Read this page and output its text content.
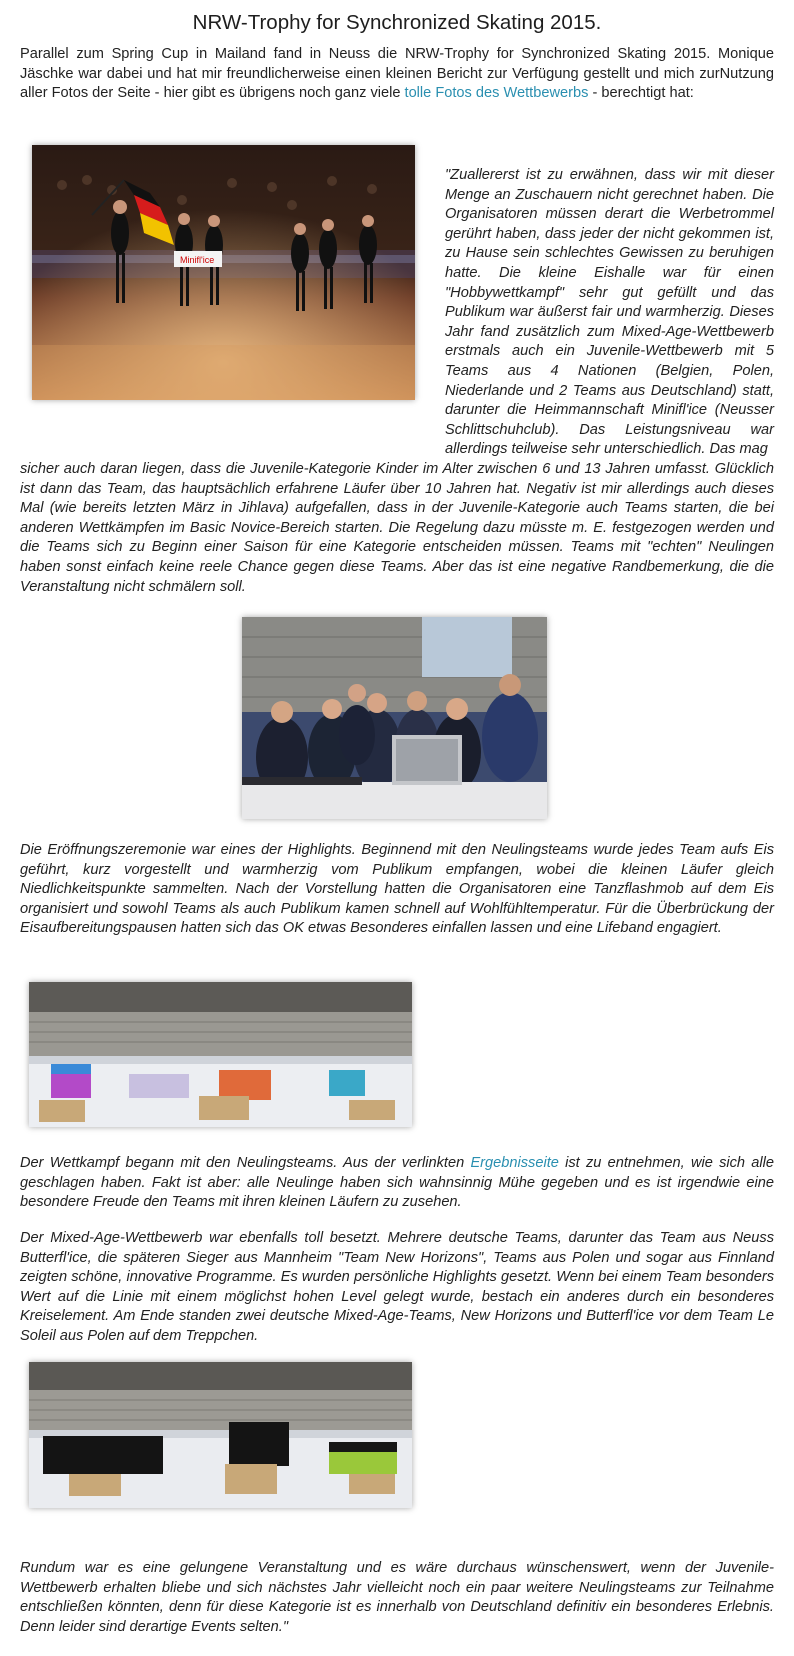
NRW-Trophy for Synchronized Skating 2015.

Parallel zum Spring Cup in Mailand fand in Neuss die NRW-Trophy for Synchronized Skating 2015. Monique Jäschke war dabei und hat mir freundlicherweise einen kleinen Bericht zur Verfügung gestellt und mich zurNutzung aller Fotos der Seite - hier gibt es übrigens noch ganz viele tolle Fotos des Wettbewerbs - berechtigt hat:

Minifl'ice

"Zuallererst ist zu erwähnen, dass wir mit dieser Menge an Zuschauern nicht gerechnet haben. Die Organisatoren müssen derart die Werbetrommel gerührt haben, dass jeder der nicht gekommen ist, zu Hause sein schlechtes Gewissen zu beruhigen hatte. Die kleine Eishalle war für einen "Hobbywettkampf" sehr gut gefüllt und das Publikum war äußerst fair und warmherzig. Dieses Jahr fand zusätzlich zum Mixed-Age-Wettbewerb erstmals auch ein Juvenile-Wettbewerb mit 5 Teams aus 4 Nationen (Belgien, Polen, Niederlande und 2 Teams aus Deutschland) statt, darunter die Heimmannschaft Minifl'ice (Neusser Schlittschuhclub). Das Leistungsniveau war allerdings teilweise sehr unterschiedlich. Das mag

sicher auch daran liegen, dass die Juvenile-Kategorie Kinder im Alter zwischen 6 und 13 Jahren umfasst. Glücklich ist dann das Team, das hauptsächlich erfahrene Läufer über 10 Jahren hat. Negativ ist mir allerdings auch dieses Mal (wie bereits letzten März in Jihlava) aufgefallen, dass in der Juvenile-Kategorie auch Teams starten, die bei anderen Wettkämpfen im Basic Novice-Bereich starten. Die Regelung dazu müsste m. E. festgezogen werden und die Teams sich zu Beginn einer Saison für eine Kategorie entscheiden müssen. Teams mit "echten" Neulingen haben sonst einfach keine reele Chance gegen diese Teams. Aber das ist eine negative Randbemerkung, die die Veranstaltung nicht schmälern soll.

Die Eröffnungszeremonie war eines der Highlights. Beginnend mit den Neulingsteams wurde jedes Team aufs Eis geführt, kurz vorgestellt und warmherzig vom Publikum empfangen, wobei die kleinen Läufer gleich Niedlichkeitspunkte sammelten. Nach der Vorstellung hatten die Organisatoren eine Tanzflashmob auf dem Eis organisiert und sowohl Teams als auch Publikum kamen schnell auf Wohlfühltemperatur. Für die Überbrückung der Eisaufbereitungspausen hatten sich das OK etwas Besonderes einfallen lassen und eine Lifeband engagiert.

Der Wettkampf begann mit den Neulingsteams. Aus der verlinkten Ergebnisseite ist zu entnehmen, wie sich alle geschlagen haben. Fakt ist aber: alle Neulinge haben sich wahnsinnig Mühe gegeben und es ist irgendwie eine besondere Freude den Teams mit ihren kleinen Läufern zu zusehen.

Der Mixed-Age-Wettbewerb war ebenfalls toll besetzt. Mehrere deutsche Teams, darunter das Team aus Neuss Butterfl'ice, die späteren Sieger aus Mannheim "Team New Horizons", Teams aus Polen und sogar aus Finnland zeigten schöne, innovative Programme. Es wurden persönliche Highlights gesetzt. Wenn bei einem Team besonders Wert auf die Linie mit einem möglichst hohen Level gelegt wurde, bestach ein anderes durch ein besonderes Kreiselement. Am Ende standen zwei deutsche Mixed-Age-Teams, New Horizons und Butterfl'ice vor dem Team Le Soleil aus Polen auf dem Treppchen.

Rundum war es eine gelungene Veranstaltung und es wäre durchaus wünschenswert, wenn der Juvenile-Wettbewerb erhalten bliebe und sich nächstes Jahr vielleicht noch ein paar weitere Neulingsteams zur Teilnahme entschließen könnten, denn für diese Kategorie ist es innerhalb von Deutschland definitiv ein besonderes Erlebnis. Denn leider sind derartige Events selten."
